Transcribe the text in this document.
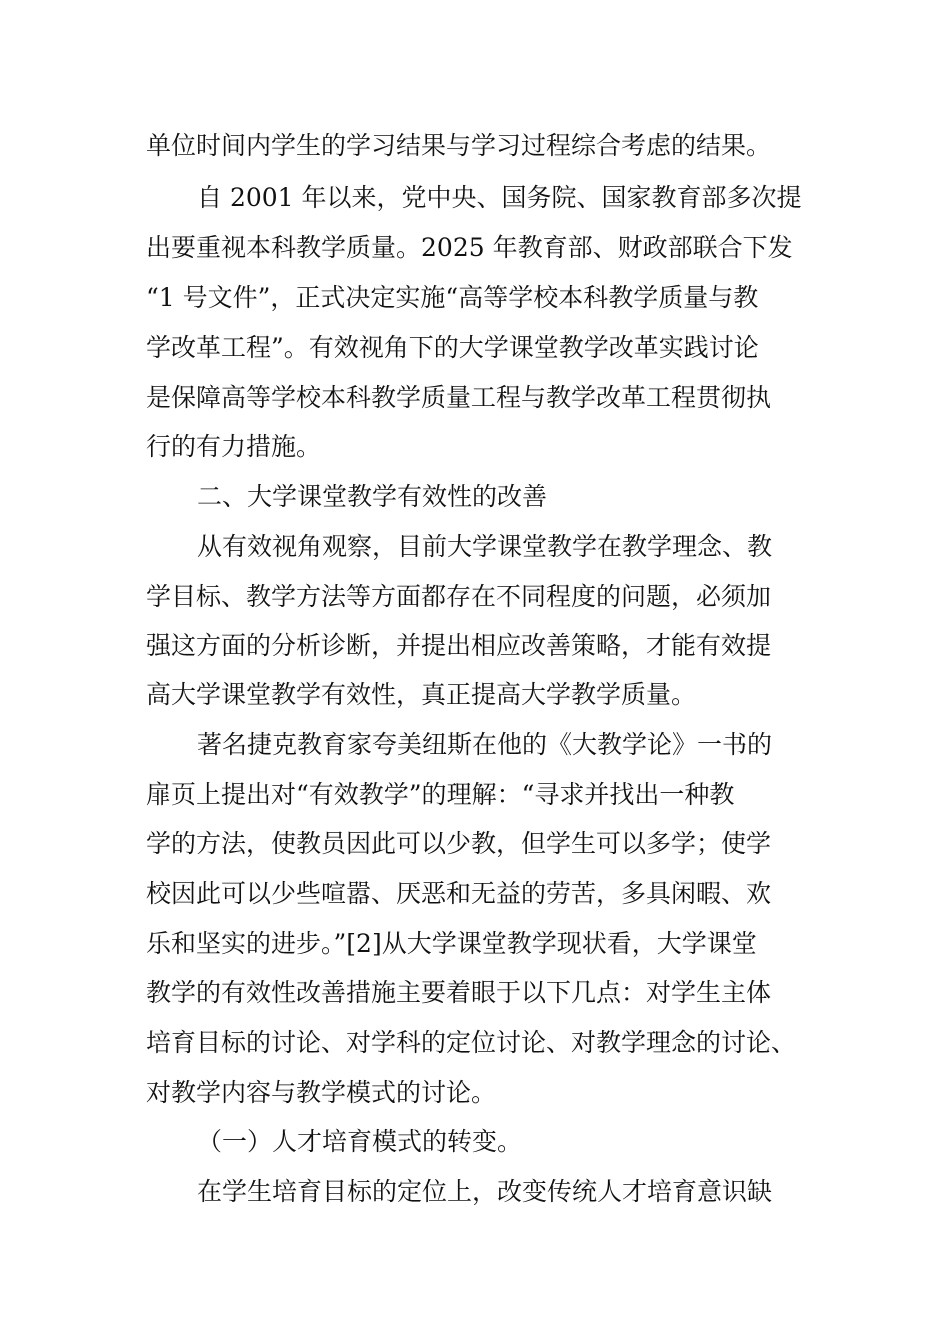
单位时间内学生的学习结果与学习过程综合考虑的结果。
自 2001 年以来，党中央、国务院、国家教育部多次提
出要重视本科教学质量。2025 年教育部、财政部联合下发
“1 号文件”，正式决定实施“高等学校本科教学质量与教
学改革工程”。有效视角下的大学课堂教学改革实践讨论
是保障高等学校本科教学质量工程与教学改革工程贯彻执
行的有力措施。
二、大学课堂教学有效性的改善
从有效视角观察，目前大学课堂教学在教学理念、教
学目标、教学方法等方面都存在不同程度的问题，必须加
强这方面的分析诊断，并提出相应改善策略，才能有效提
高大学课堂教学有效性，真正提高大学教学质量。
著名捷克教育家夸美纽斯在他的《大教学论》一书的
扉页上提出对“有效教学”的理解：“寻求并找出一种教
学的方法，使教员因此可以少教，但学生可以多学；使学
校因此可以少些喧嚣、厌恶和无益的劳苦，多具闲暇、欢
乐和坚实的进步。”[2]从大学课堂教学现状看，大学课堂
教学的有效性改善措施主要着眼于以下几点：对学生主体
培育目标的讨论、对学科的定位讨论、对教学理念的讨论、
对教学内容与教学模式的讨论。
（一）人才培育模式的转变。
在学生培育目标的定位上，改变传统人才培育意识缺
